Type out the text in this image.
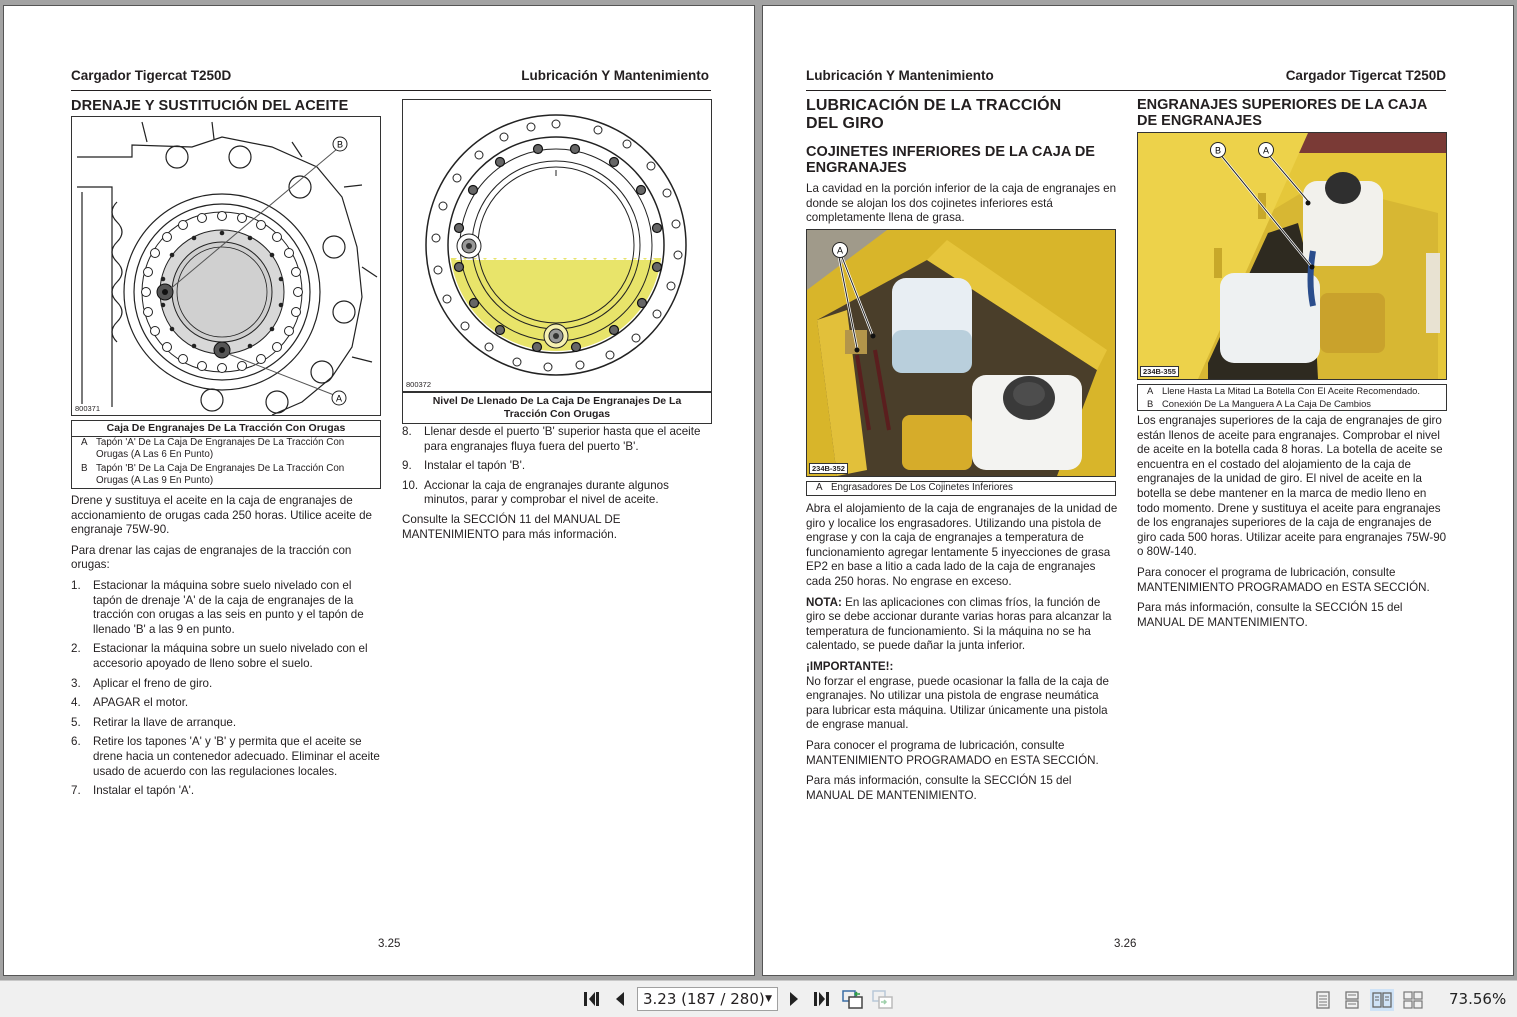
Cargador Tigercat T250D	Lubricación Y Mantenimiento
DRENAJE Y SUSTITUCIÓN DEL ACEITE
B
A
800371
Caja De Engranajes De La Tracción Con Orugas
A Tapón 'A' De La Caja De Engranajes De La Tracción Con Orugas (A Las 6 En Punto)
B Tapón 'B' De La Caja De Engranajes De La Tracción Con Orugas (A Las 9 En Punto)
800372
Nivel De Llenado De La Caja De Engranajes De La Tracción Con Orugas

Drene y sustituya el aceite en la caja de engranajes de accionamiento de orugas cada 250 horas. Utilice aceite de engranaje 75W-90.

Para drenar las cajas de engranajes de la tracción con orugas:

1.	Estacionar la máquina sobre suelo nivelado con el tapón de drenaje 'A' de la caja de engranajes de la tracción con orugas a las seis en punto y el tapón de llenado 'B' a las 9 en punto.
2.	Estacionar la máquina sobre un suelo nivelado con el accesorio apoyado de lleno sobre el suelo.
3.	Aplicar el freno de giro.
4.	APAGAR el motor.
5.	Retirar la llave de arranque.
6.	Retire los tapones 'A' y 'B' y permita que el aceite se drene hacia un contenedor adecuado. Eliminar el aceite usado de acuerdo con las regulaciones locales.
7.	Instalar el tapón 'A'.
8.	Llenar desde el puerto 'B' superior hasta que el aceite para engranajes fluya fuera del puerto 'B'.
9.	Instalar el tapón 'B'.
10. Accionar la caja de engranajes durante algunos minutos, parar y comprobar el nivel de aceite.

Consulte la SECCIÓN 11 del MANUAL DE MANTENIMIENTO para más información.

3.25
Lubricación Y Mantenimiento	Cargador Tigercat T250D
LUBRICACIÓN DE LA TRACCIÓN DEL GIRO
COJINETES INFERIORES DE LA CAJA DE ENGRANAJES

La cavidad en la porción inferior de la caja de engranajes en donde se alojan los dos cojinetes inferiores está completamente llena de grasa.

A
234B-352
A Engrasadores De Los Cojinetes Inferiores

Abra el alojamiento de la caja de engranajes de la unidad de giro y localice los engrasadores. Utilizando una pistola de engrase y con la caja de engranajes a temperatura de funcionamiento agregar lentamente 5 inyecciones de grasa EP2 en base a litio a cada lado de la caja de engranajes cada 250 horas. No engrase en exceso.

NOTA: En las aplicaciones con climas fríos, la función de giro se debe accionar durante varias horas para alcanzar la temperatura de funcionamiento. Si la máquina no se ha calentado, se puede dañar la junta inferior.

¡IMPORTANTE!:

No forzar el engrase, puede ocasionar la falla de la caja de engranajes. No utilizar una pistola de engrase neumática para lubricar esta máquina. Utilizar únicamente una pistola de engrase manual.

Para conocer el programa de lubricación, consulte MANTENIMIENTO PROGRAMADO en ESTA SECCIÓN.

Para más información, consulte la SECCIÓN 15 del MANUAL DE MANTENIMIENTO.

ENGRANAJES SUPERIORES DE LA CAJA DE ENGRANAJES
B	A
234B-355
A Llene Hasta La Mitad La Botella Con El Aceite Recomendado.
B Conexión De La Manguera A La Caja De Cambios

Los engranajes superiores de la caja de engranajes de giro están llenos de aceite para engranajes. Comprobar el nivel de aceite en la botella cada 8 horas. La botella de aceite se encuentra en el costado del alojamiento de la caja de engranajes de la unidad de giro. El nivel de aceite en la botella se debe mantener en la marca de medio lleno en todo momento. Drene y sustituya el aceite para engranajes de los engranajes superiores de la caja de engranajes de giro cada 500 horas. Utilizar aceite para engranajes 75W-90 o 80W-140.

Para conocer el programa de lubricación, consulte MANTENIMIENTO PROGRAMADO en ESTA SECCIÓN.

Para más información, consulte la SECCIÓN 15 del MANUAL DE MANTENIMIENTO.

3.26
3.23 (187 / 280) ▼	73.56%
